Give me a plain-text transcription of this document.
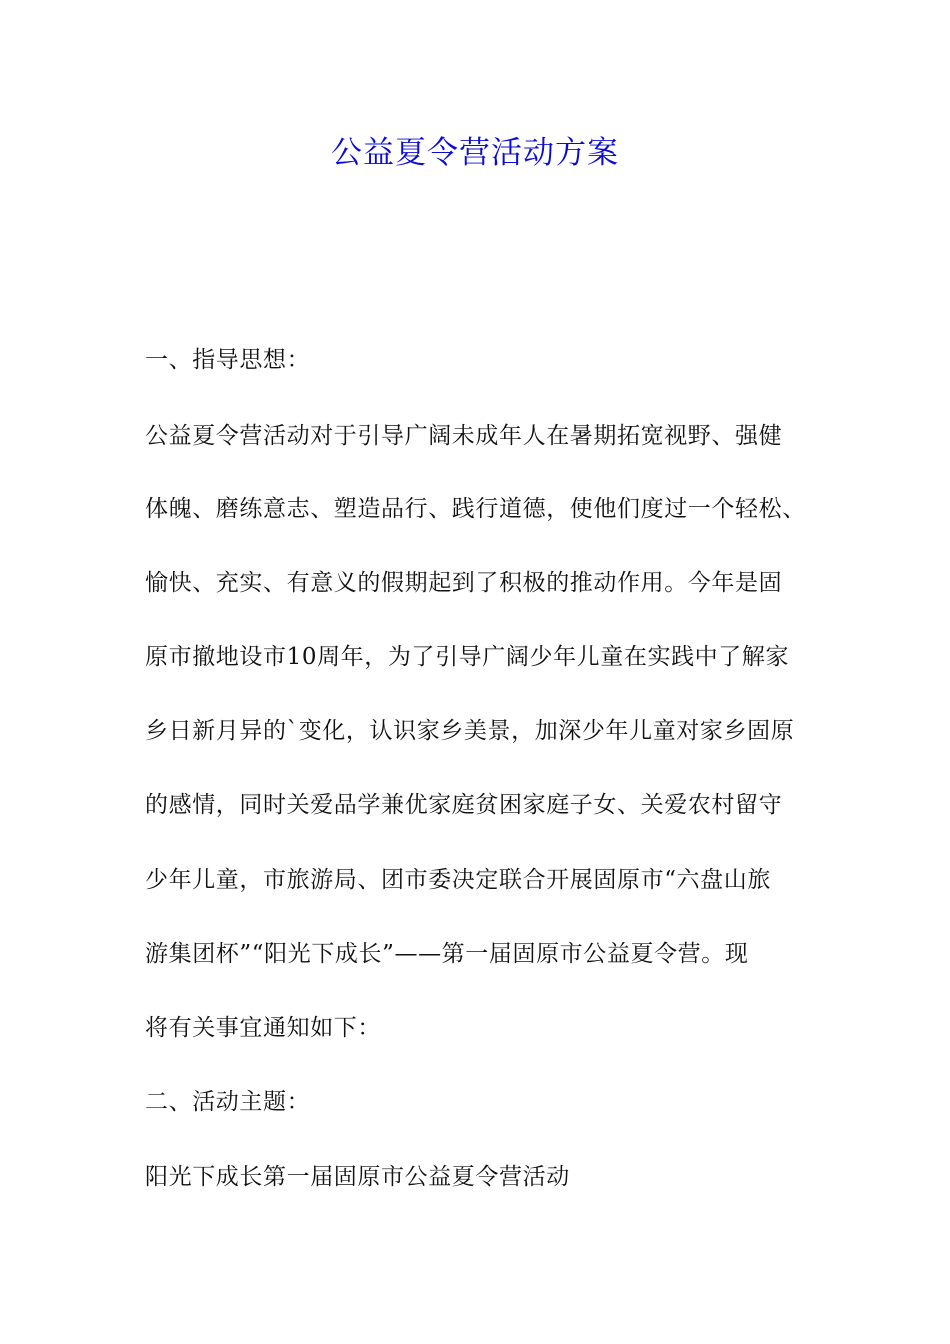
公益夏令营活动方案
一、指导思想：
公益夏令营活动对于引导广阔未成年人在暑期拓宽视野、强健
体魄、磨练意志、塑造品行、践行道德，使他们度过一个轻松、
愉快、充实、有意义的假期起到了积极的推动作用。今年是固
原市撤地设市10周年，为了引导广阔少年儿童在实践中了解家
乡日新月异的`变化，认识家乡美景，加深少年儿童对家乡固原
的感情，同时关爱品学兼优家庭贫困家庭子女、关爱农村留守
少年儿童，市旅游局、团市委决定联合开展固原市“六盘山旅
游集团杯”“阳光下成长”——第一届固原市公益夏令营。现
将有关事宜通知如下：
二、活动主题：
阳光下成长第一届固原市公益夏令营活动
